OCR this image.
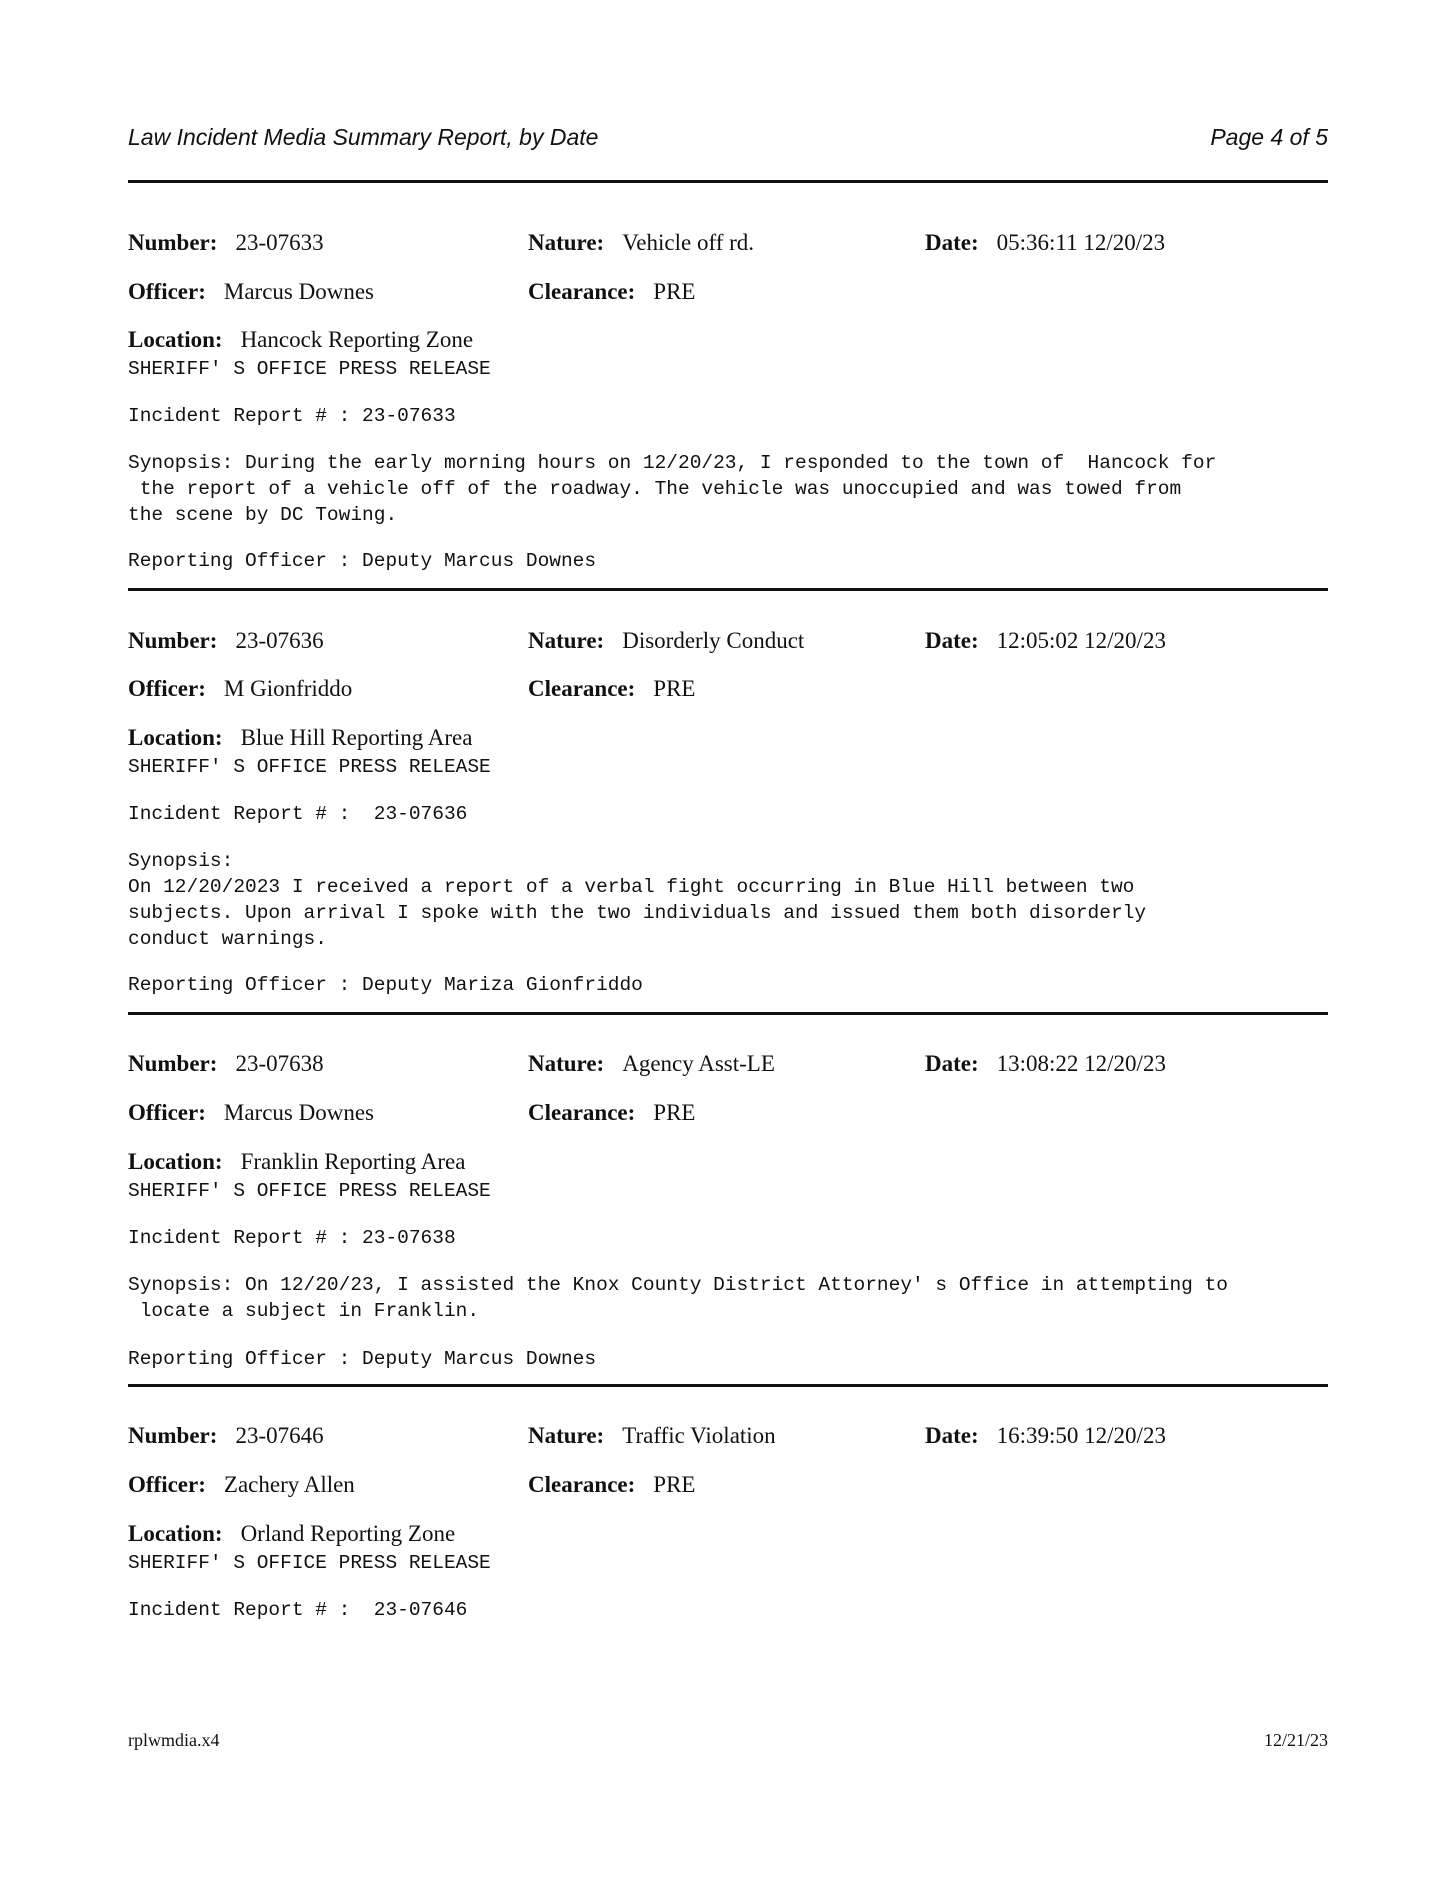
Law Incident Media Summary Report, by Date	Page 4 of 5
Number: 23-07633	Nature: Vehicle off rd.	Date: 05:36:11 12/20/23
Officer: Marcus Downes	Clearance: PRE
Location: Hancock Reporting Zone
SHERIFF' S OFFICE PRESS RELEASE
Incident Report # : 23-07633
Synopsis: During the early morning hours on 12/20/23, I responded to the town of  Hancock for
the report of a vehicle off of the roadway. The vehicle was unoccupied and was towed from
the scene by DC Towing.
Reporting Officer : Deputy Marcus Downes
Number: 23-07636	Nature: Disorderly Conduct	Date: 12:05:02 12/20/23
Officer: M Gionfriddo	Clearance: PRE
Location: Blue Hill Reporting Area
SHERIFF' S OFFICE PRESS RELEASE
Incident Report # :  23-07636
Synopsis:
On 12/20/2023 I received a report of a verbal fight occurring in Blue Hill between two
subjects. Upon arrival I spoke with the two individuals and issued them both disorderly
conduct warnings.
Reporting Officer : Deputy Mariza Gionfriddo
Number: 23-07638	Nature: Agency Asst-LE	Date: 13:08:22 12/20/23
Officer: Marcus Downes	Clearance: PRE
Location: Franklin Reporting Area
SHERIFF' S OFFICE PRESS RELEASE
Incident Report # : 23-07638
Synopsis: On 12/20/23, I assisted the Knox County District Attorney' s Office in attempting to
locate a subject in Franklin.
Reporting Officer : Deputy Marcus Downes
Number: 23-07646	Nature: Traffic Violation	Date: 16:39:50 12/20/23
Officer: Zachery Allen	Clearance: PRE
Location: Orland Reporting Zone
SHERIFF' S OFFICE PRESS RELEASE
Incident Report # :  23-07646
rplwmdia.x4	12/21/23
